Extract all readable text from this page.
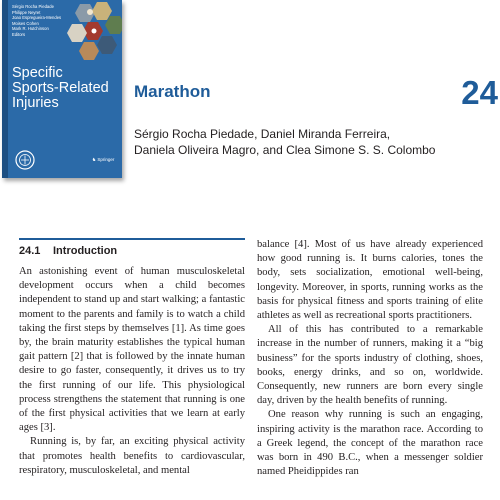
Sérgio Rocha Piedade
Philippe Neyret
Joao Espregueira-Mendes
Moises Cohen
Mark R. Hutchinson
Editors
Specific
Sports-Related
Injuries
♞ Springer
Marathon	24
Sérgio Rocha Piedade, Daniel Miranda Ferreira,
Daniela Oliveira Magro, and Clea Simone S. S. Colombo
24.1 Introduction

An astonishing event of human musculoskeletal development occurs when a child becomes independent to stand up and start walking; a fantastic moment to the parents and family is to watch a child taking the first steps by themselves [1]. As time goes by, the brain maturity establishes the typical human gait pattern [2] that is followed by the innate human desire to go faster, consequently, it drives us to try the first running of our life. This physiological process strengthens the statement that running is one of the first physical activities that we learn at early ages [3].

Running is, by far, an exciting physical activity that promotes health benefits to cardiovascular, respiratory, musculoskeletal, and mental

balance [4]. Most of us have already experienced how good running is. It burns calories, tones the body, sets socialization, emotional well-being, longevity. Moreover, in sports, running works as the basis for physical fitness and sports training of elite athletes as well as recreational sports practitioners.

All of this has contributed to a remarkable increase in the number of runners, making it a “big business” for the sports industry of clothing, shoes, books, energy drinks, and so on, worldwide. Consequently, new runners are born every single day, driven by the health benefits of running.

One reason why running is such an engaging, inspiring activity is the marathon race. According to a Greek legend, the concept of the marathon race was born in 490 B.C., when a messenger soldier named Pheidippides ran
